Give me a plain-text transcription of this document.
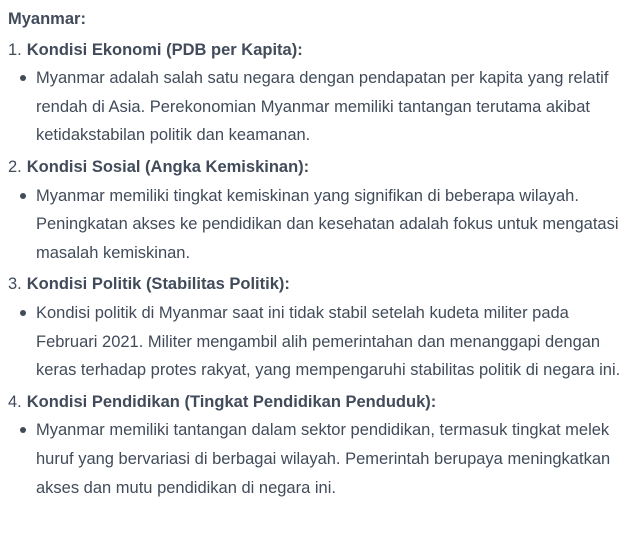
Myanmar:

1. Kondisi Ekonomi (PDB per Kapita):

Myanmar adalah salah satu negara dengan pendapatan per kapita yang relatif rendah di Asia. Perekonomian Myanmar memiliki tantangan terutama akibat ketidakstabilan politik dan keamanan.

2. Kondisi Sosial (Angka Kemiskinan):

Myanmar memiliki tingkat kemiskinan yang signifikan di beberapa wilayah. Peningkatan akses ke pendidikan dan kesehatan adalah fokus untuk mengatasi masalah kemiskinan.

3. Kondisi Politik (Stabilitas Politik):

Kondisi politik di Myanmar saat ini tidak stabil setelah kudeta militer pada Februari 2021. Militer mengambil alih pemerintahan dan menanggapi dengan keras terhadap protes rakyat, yang mempengaruhi stabilitas politik di negara ini.

4. Kondisi Pendidikan (Tingkat Pendidikan Penduduk):

Myanmar memiliki tantangan dalam sektor pendidikan, termasuk tingkat melek huruf yang bervariasi di berbagai wilayah. Pemerintah berupaya meningkatkan akses dan mutu pendidikan di negara ini.
